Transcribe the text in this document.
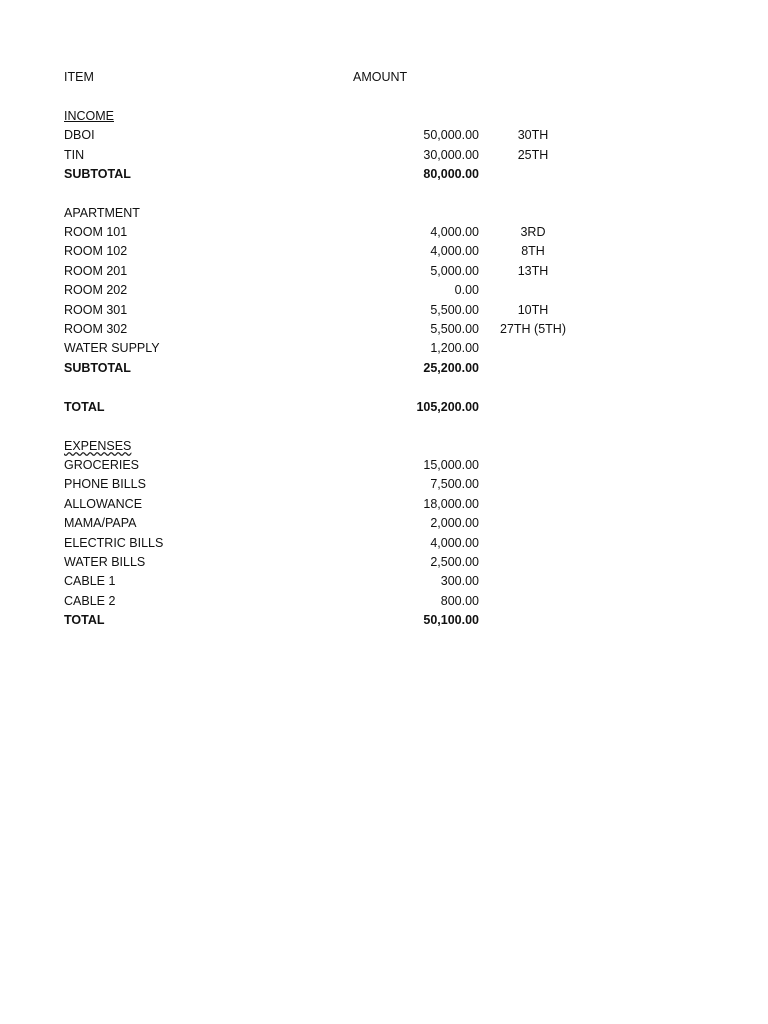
ITEM	AMOUNT
INCOME
DBOI	50,000.00	30TH
TIN	30,000.00	25TH
SUBTOTAL	80,000.00
APARTMENT
ROOM 101	4,000.00	3RD
ROOM 102	4,000.00	8TH
ROOM 201	5,000.00	13TH
ROOM 202	0.00
ROOM 301	5,500.00	10TH
ROOM 302	5,500.00 27TH (5TH)
WATER SUPPLY	1,200.00
SUBTOTAL	25,200.00
TOTAL	105,200.00
EXPENSES
GROCERIES	15,000.00
PHONE BILLS	7,500.00
ALLOWANCE	18,000.00
MAMA/PAPA	2,000.00
ELECTRIC BILLS	4,000.00
WATER BILLS	2,500.00
CABLE 1	300.00
CABLE 2	800.00
TOTAL	50,100.00
